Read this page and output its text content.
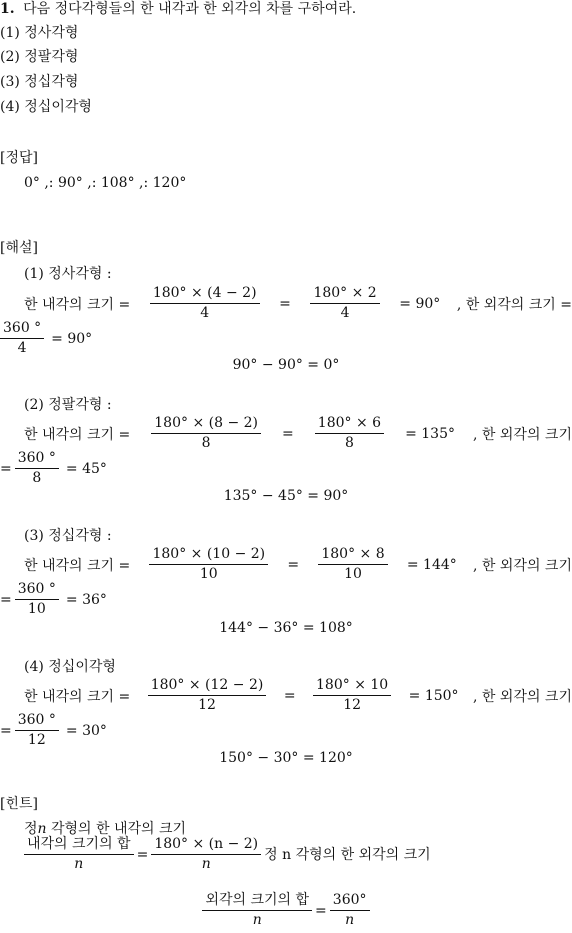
1. 다음 정다각형들의 한 내각과 한 외각의 차를 구하여라.
(1) 정사각형
(2) 정팔각형
(3) 정십각형
(4) 정십이각형
[정답]
0° ,: 90° ,: 108° ,: 120°
[해설]
(1) 정사각형 :
한 내각의 크기 = $\frac{180^\circ \times (4 - 2)}{4} = \frac{180^\circ \times 2}{4} = 90^\circ$ , 한 외각의 크기 =
$\frac{360 ^\circ}{4} = 90^\circ$
90° − 90° = 0°
(2) 정팔각형 :
한 내각의 크기 = $\frac{180^\circ \times (8 - 2)}{8} = \frac{180^\circ \times 6}{8} = 135^\circ$ , 한 외각의 크기
= $\frac{360 ^\circ}{8} = 45^\circ$
135° − 45° = 90°
(3) 정십각형 :
한 내각의 크기 = $\frac{180^\circ \times (10 - 2)}{10} = \frac{180^\circ \times 8}{10} = 144^\circ$ , 한 외각의 크기
= $\frac{360 ^\circ}{10} = 36^\circ$
144° − 36° = 108°
(4) 정십이각형
한 내각의 크기 = $\frac{180^\circ \times (12 - 2)}{12} = \frac{180^\circ \times 10}{12} = 150^\circ$ , 한 외각의 크기
= $\frac{360 ^\circ}{12} = 30^\circ$
150° − 30° = 120°
[힌트]
정n 각형의 한 내각의 크기
$\frac{\text{내각의 크기의 합}}{n} = \frac{180^\circ \times (n - 2)}{n}$ 정 n 각형의 한 외각의 크기
$\frac{\text{외각의 크기의 합}}{n} = \frac{360^\circ}{n}$
